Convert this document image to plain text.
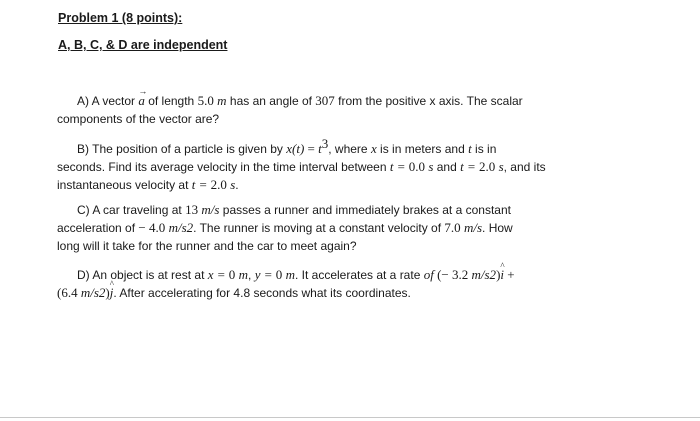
Problem 1 (8 points):
A, B, C, & D are independent
A) A vector → a of length 5.0 m has an angle of 307 from the positive x axis. The scalar
components of the vector are?
B) The position of a particle is given by $x(t) = t^3$, where x is in meters and t is in
seconds. Find its average velocity in the time interval between t = 0.0 s and t = 2.0 s, and its
instantaneous velocity at t = 2.0 s.
C) A car traveling at 13 m/s passes a runner and immediately brakes at a constant
acceleration of − 4.0 m/s2. The runner is moving at a constant velocity of 7.0 m/s. How
long will it take for the runner and the car to meet again?
D) An object is at rest at x = 0 m, y = 0 m. It accelerates at a rate of (− 3.2 m/s2)^ i +
(6.4 m/s2)^ j. After accelerating for 4.8 seconds what its coordinates.
